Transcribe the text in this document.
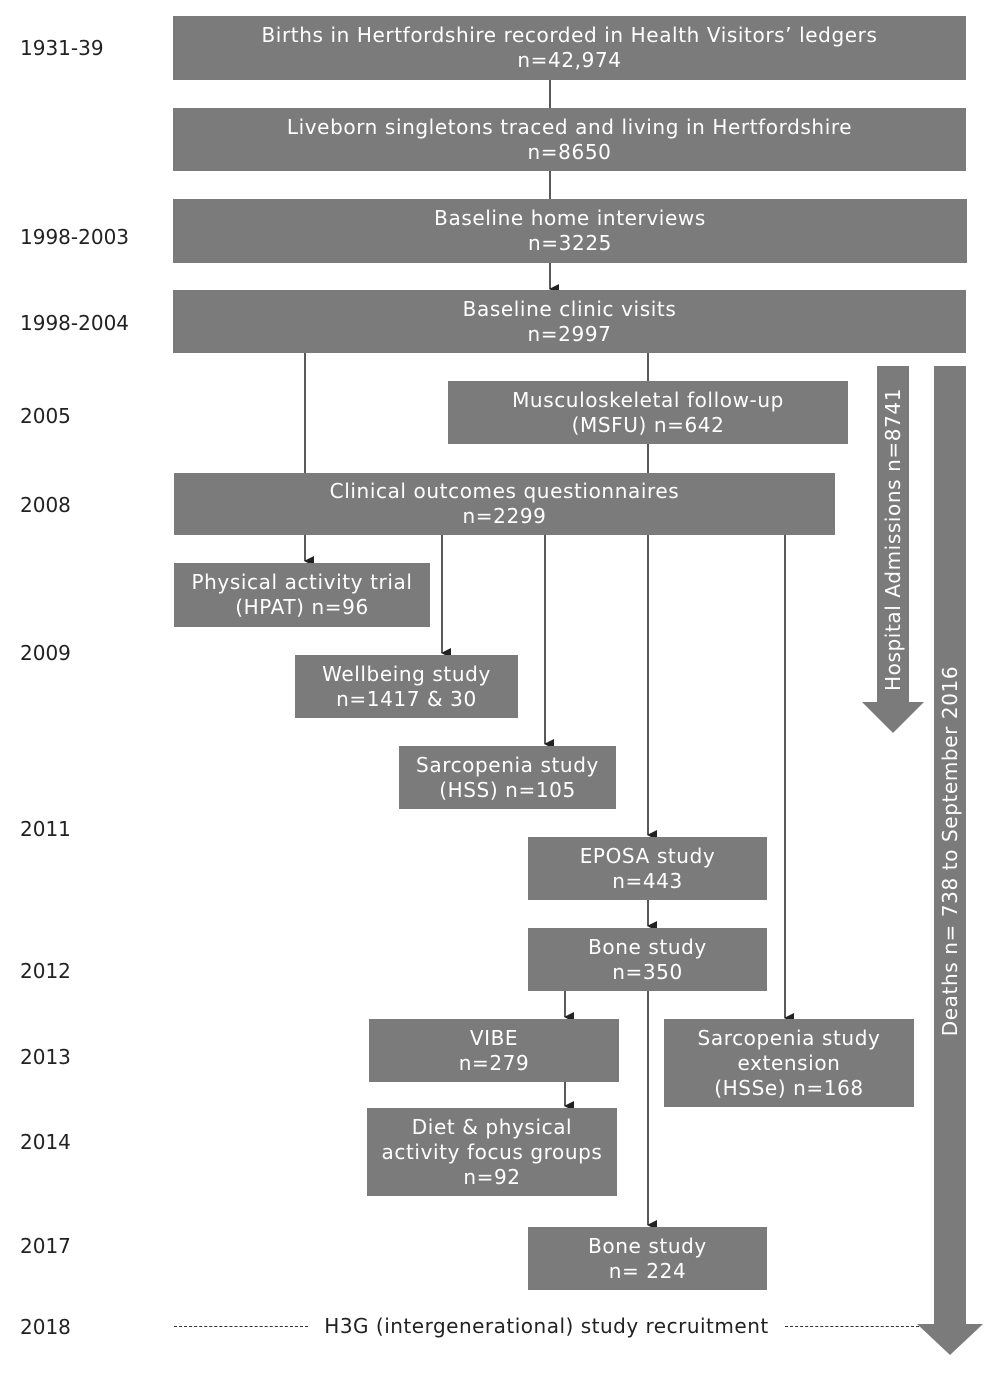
1931-39
1998-2003
1998-2004
2005
2008
2009
2011
2012
2013
2014
2017
2018
Births in Hertfordshire recorded in Health Visitors’ ledgers
n=42,974
Liveborn singletons traced and living in Hertfordshire
n=8650
Baseline home interviews
n=3225
Baseline clinic visits
n=2997
Musculoskeletal follow-up
(MSFU) n=642
Clinical outcomes questionnaires
n=2299
Physical activity trial
(HPAT) n=96
Wellbeing study
n=1417 & 30
Sarcopenia study
(HSS) n=105
EPOSA study
n=443
Bone study
n=350
VIBE
n=279
Sarcopenia study
extension
(HSSe) n=168
Diet & physical
activity focus groups
n=92
Bone study
n= 224
Hospital Admissions n=8741
Deaths n= 738 to September 2016
H3G (intergenerational) study recruitment
